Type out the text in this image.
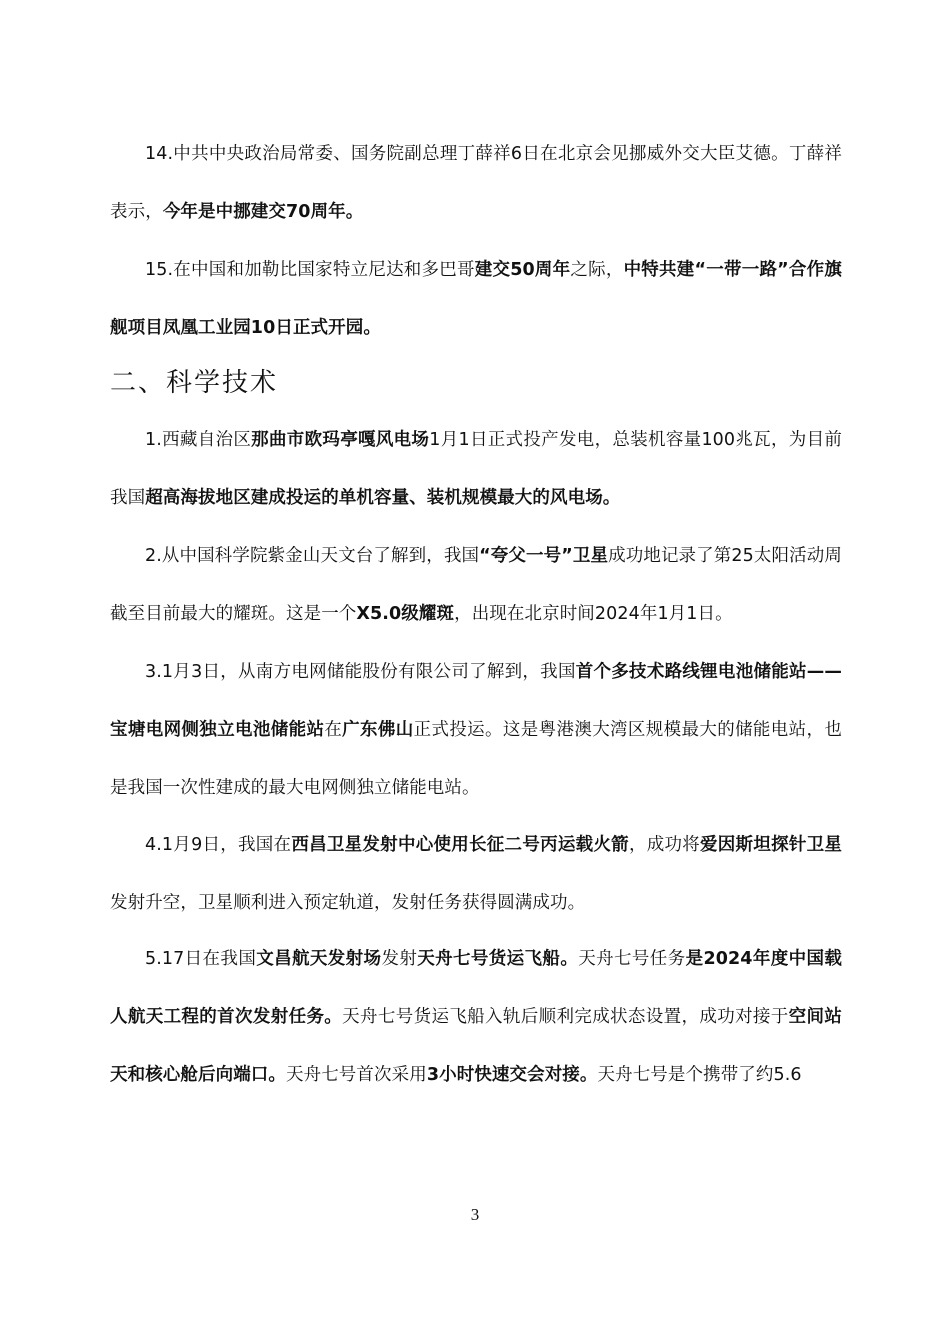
14.中共中央政治局常委、国务院副总理丁薛祥6日在北京会见挪威外交大臣艾德。丁薛祥表示，今年是中挪建交70周年。

15.在中国和加勒比国家特立尼达和多巴哥建交50周年之际，中特共建“一带一路”合作旗舰项目凤凰工业园10日正式开园。

二、科学技术

1.西藏自治区那曲市欧玛亭嘎风电场1月1日正式投产发电，总装机容量100兆瓦，为目前我国超高海拔地区建成投运的单机容量、装机规模最大的风电场。

2.从中国科学院紫金山天文台了解到，我国“夸父一号”卫星成功地记录了第25太阳活动周截至目前最大的耀斑。这是一个X5.0级耀斑，出现在北京时间2024年1月1日。

3.1月3日，从南方电网储能股份有限公司了解到，我国首个多技术路线锂电池储能站——宝塘电网侧独立电池储能站在广东佛山正式投运。这是粤港澳大湾区规模最大的储能电站，也是我国一次性建成的最大电网侧独立储能电站。

4.1月9日，我国在西昌卫星发射中心使用长征二号丙运载火箭，成功将爱因斯坦探针卫星发射升空，卫星顺利进入预定轨道，发射任务获得圆满成功。

5.17日在我国文昌航天发射场发射天舟七号货运飞船。天舟七号任务是2024年度中国载人航天工程的首次发射任务。天舟七号货运飞船入轨后顺利完成状态设置，成功对接于空间站天和核心舱后向端口。天舟七号首次采用3小时快速交会对接。天舟七号是个携带了约5.6

3
